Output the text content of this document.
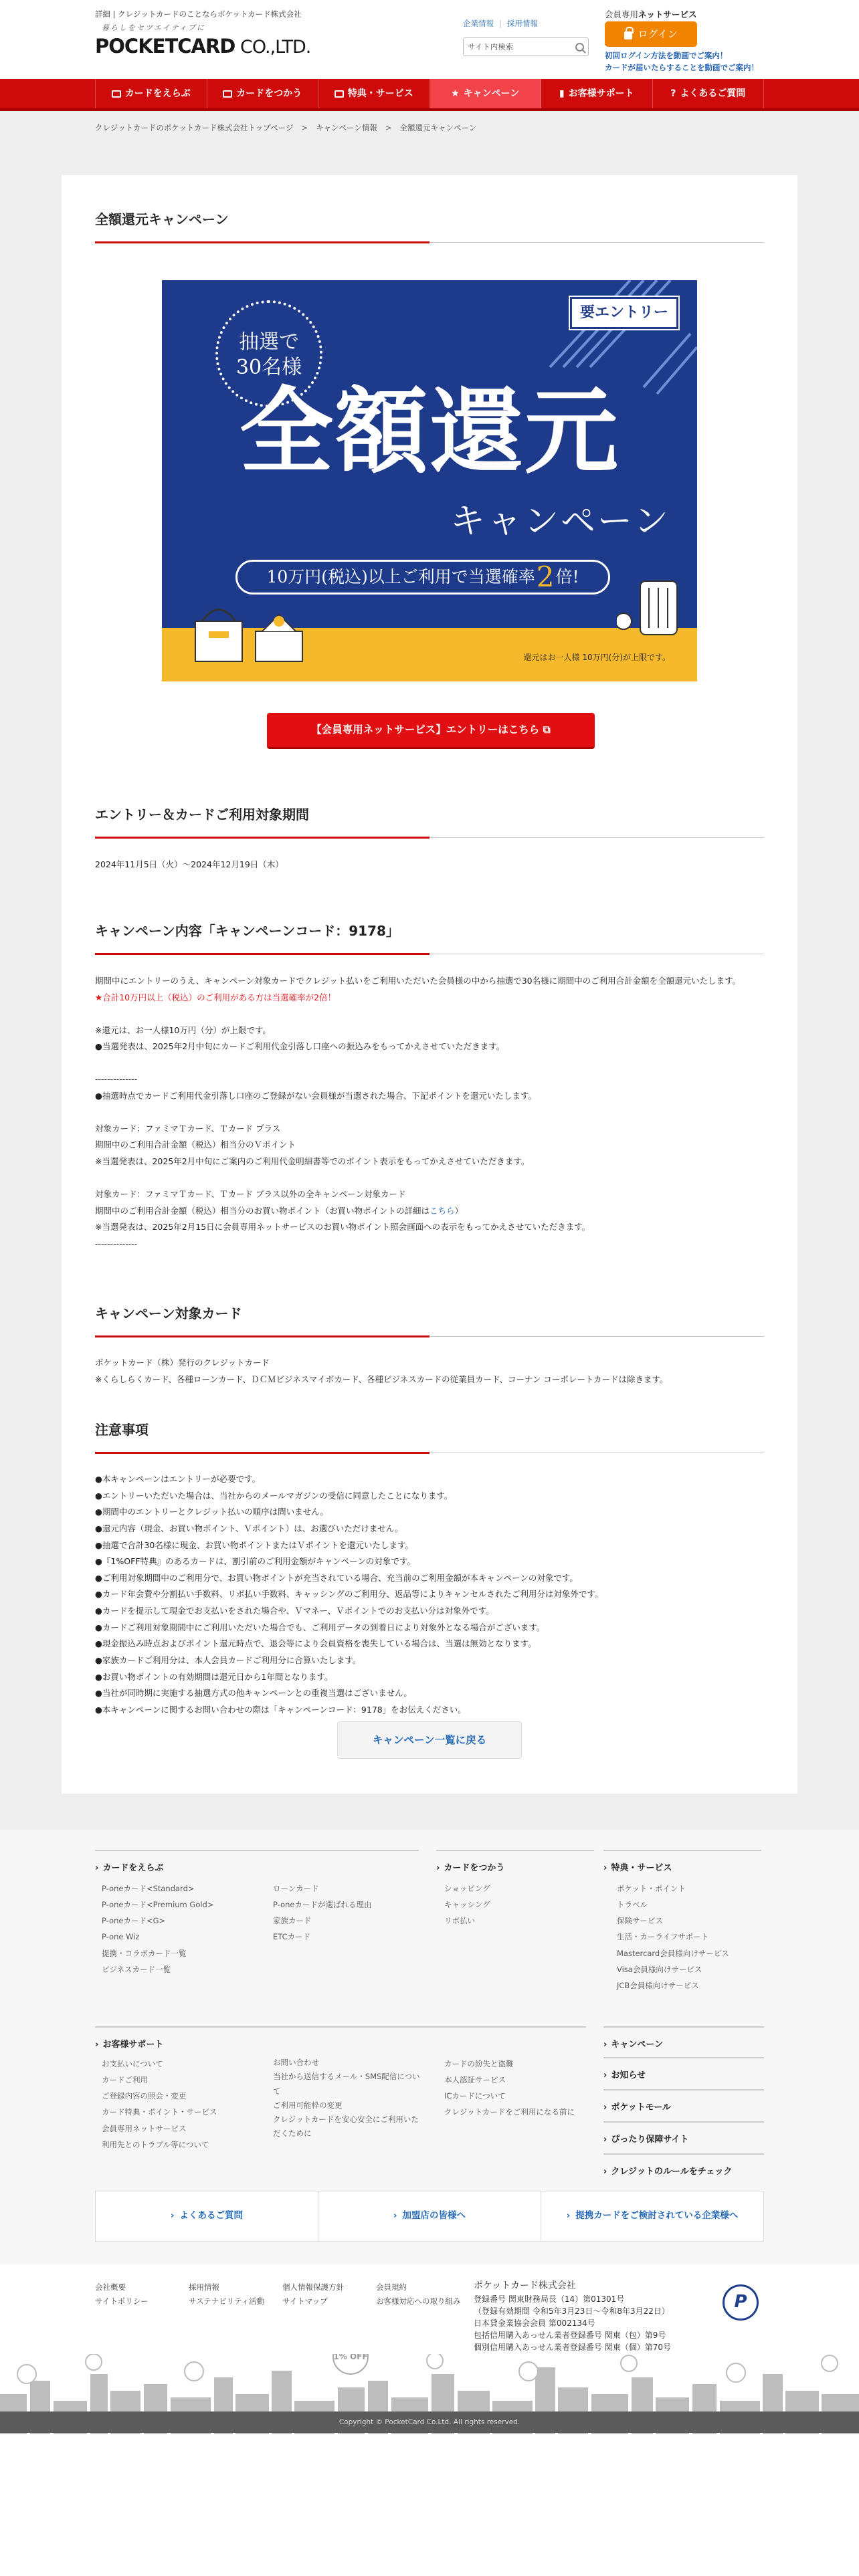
詳細 | クレジットカードのことならポケットカード株式会社
暮らしをセツエイティブに
POCKETCARD CO.,LTD.
企業情報 | 採用情報
サイト内検索
会員専用ネットサービス
ログイン
初回ログイン方法を動画でご案内！
カードが届いたらすることを動画でご案内！
カードをえらぶ	カードをつかう	特典・サービス	★ キャンペーン	▮ お客様サポート	? よくあるご質問
クレジットカードのポケットカード株式会社トップページ > キャンペーン情報 > 全額還元キャンペーン
全額還元キャンペーン
抽選で
30名様
要エントリー
全額還元
キャンペーン
10万円(税込)以上ご利用で当選確率 2 倍!
還元はお一人様 10万円(分)が上限です。
【会員専用ネットサービス】エントリーはこちら
⧉
エントリー＆カードご利用対象期間
2024年11月5日（火）～2024年12月19日（木）
キャンペーン内容「キャンペーンコード：9178」
期間中にエントリーのうえ、キャンペーン対象カードでクレジット払いをご利用いただいた会員様の中から抽選で30名様に期間中のご利用合計金額を全額還元いたします。
★合計10万円以上（税込）のご利用がある方は当選確率が2倍！
※還元は、お一人様10万円（分）が上限です。
●当選発表は、2025年2月中旬にカードご利用代金引落し口座への振込みをもってかえさせていただきます。
--------------
●抽選時点でカードご利用代金引落し口座のご登録がない会員様が当選された場合、下記ポイントを還元いたします。
対象カード：ファミマＴカード、Ｔカード プラス
期間中のご利用合計金額（税込）相当分のＶポイント
※当選発表は、2025年2月中旬にご案内のご利用代金明細書等でのポイント表示をもってかえさせていただきます。
対象カード：ファミマＴカード、Ｔカード プラス以外の全キャンペーン対象カード
期間中のご利用合計金額（税込）相当分のお買い物ポイント（お買い物ポイントの詳細はこちら）
※当選発表は、2025年2月15日に会員専用ネットサービスのお買い物ポイント照会画面への表示をもってかえさせていただきます。
--------------
キャンペーン対象カード
ポケットカード（株）発行のクレジットカード
※くらしらくカード、各種ローンカード、ＤＣＭビジネスマイボカード、各種ビジネスカードの従業員カード、コーナン コーポレートカードは除きます。
注意事項
●本キャンペーンはエントリーが必要です。
●エントリーいただいた場合は、当社からのメールマガジンの受信に同意したことになります。
●期間中のエントリーとクレジット払いの順序は問いません。
●還元内容（現金、お買い物ポイント、Ｖポイント）は、お選びいただけません。
●抽選で合計30名様に現金、お買い物ポイントまたはＶポイントを還元いたします。
●『1%OFF特典』のあるカードは、割引前のご利用金額がキャンペーンの対象です。
●ご利用対象期間中のご利用分で、お買い物ポイントが充当されている場合、充当前のご利用金額が本キャンペーンの対象です。
●カード年会費や分割払い手数料、リボ払い手数料、キャッシングのご利用分、返品等によりキャンセルされたご利用分は対象外です。
●カードを提示して現金でお支払いをされた場合や、Ｖマネー、Ｖポイントでのお支払い分は対象外です。
●カードご利用対象期間中にご利用いただいた場合でも、ご利用データの到着日により対象外となる場合がございます。
●現金振込み時点およびポイント還元時点で、退会等により会員資格を喪失している場合は、当選は無効となります。
●家族カードご利用分は、本人会員カードご利用分に合算いたします。
●お買い物ポイントの有効期間は還元日から1年間となります。
●当社が同時期に実施する抽選方式の他キャンペーンとの重複当選はございません。
●本キャンペーンに関するお問い合わせの際は「キャンペーンコード：9178」をお伝えください。
キャンペーン一覧に戻る
› カードをえらぶ
P-oneカード<Standard>
P-oneカード<Premium Gold>
P-oneカード<G>
P-one Wiz
提携・コラボカード一覧
ビジネスカード一覧
ローンカード
P-oneカードが選ばれる理由
家族カード
ETCカード
› カードをつかう
ショッピング
キャッシング
リボ払い
› 特典・サービス
ポケット・ポイント
トラベル
保険サービス
生活・カーライフサポート
Mastercard会員様向けサービス
Visa会員様向けサービス
JCB会員様向けサービス
› お客様サポート
お支払いについて
カードご利用
ご登録内容の照会・変更
カード特典・ポイント・サービス
会員専用ネットサービス
利用先とのトラブル等について
お問い合わせ
当社から送信するメール・SMS配信について
ご利用可能枠の変更
クレジットカードを安心安全にご利用いただくために
カードの紛失と盗難
本人認証サービス
ICカードについて
クレジットカードをご利用になる前に
› キャンペーン
› お知らせ
› ポケットモール
› ぴったり保障サイト
› クレジットのルールをチェック
› よくあるご質問	› 加盟店の皆様へ	› 提携カードをご検討されている企業様へ
会社概要
サイトポリシー
採用情報
サステナビリティ活動
個人情報保護方針
サイトマップ
会員規約
お客様対応への取り組み
ポケットカード株式会社
登録番号 関東財務局長（14）第01301号
（登録有効期間 令和5年3月23日〜令和8年3月22日）
日本貸金業協会会員 第002134号
包括信用購入あっせん業者登録番号 関東（包）第9号
個別信用購入あっせん業者登録番号 関東（個）第70号
P
1% OFF
Copyright © PocketCard Co.Ltd. All rights reserved.
